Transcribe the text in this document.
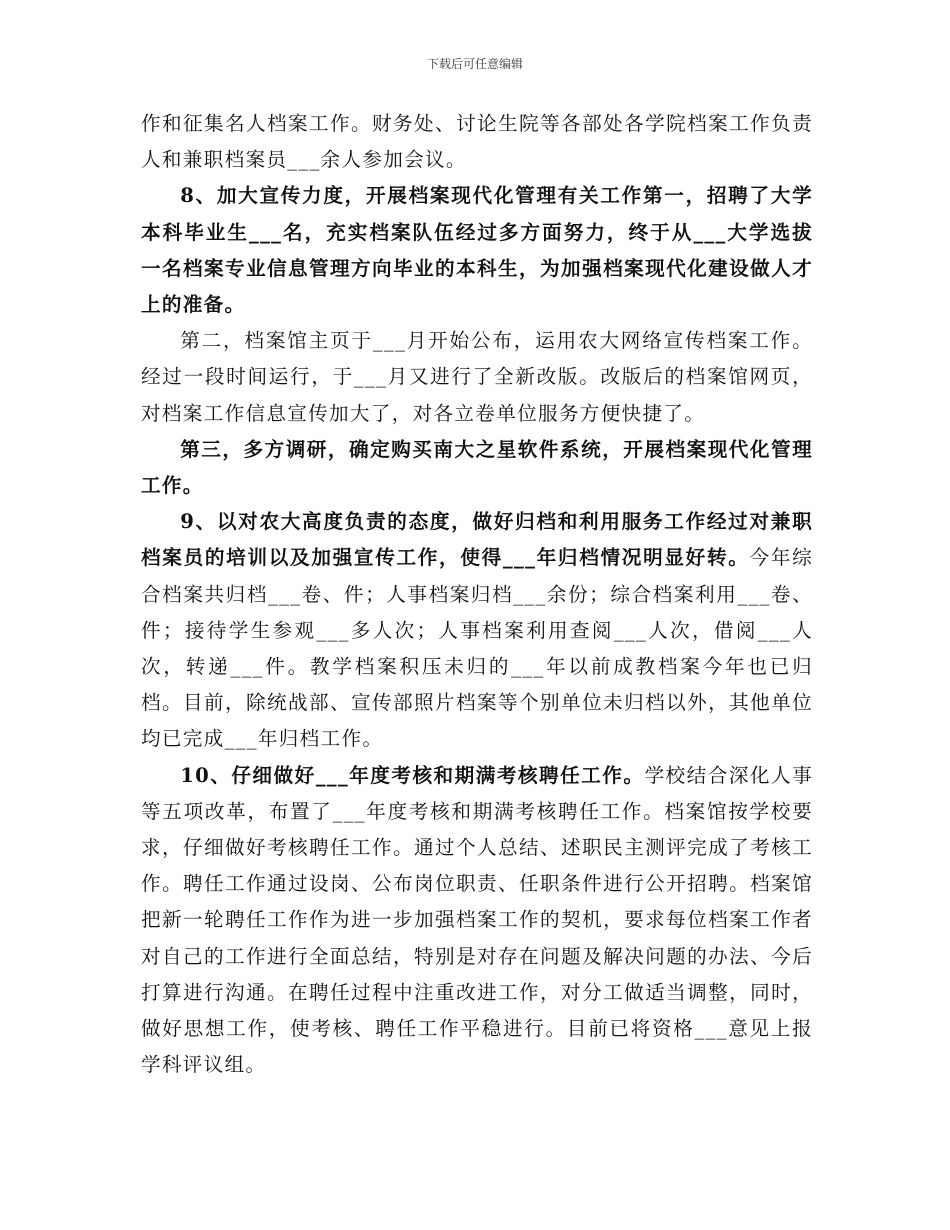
下载后可任意编辑

作和征集名人档案工作。财务处、讨论生院等各部处各学院档案工作负责人和兼职档案员___余人参加会议。

8、加大宣传力度，开展档案现代化管理有关工作第一，招聘了大学本科毕业生___名，充实档案队伍经过多方面努力，终于从___大学选拔一名档案专业信息管理方向毕业的本科生，为加强档案现代化建设做人才上的准备。

第二，档案馆主页于___月开始公布，运用农大网络宣传档案工作。经过一段时间运行，于___月又进行了全新改版。改版后的档案馆网页，对档案工作信息宣传加大了，对各立卷单位服务方便快捷了。

第三，多方调研，确定购买南大之星软件系统，开展档案现代化管理工作。

9、以对农大高度负责的态度，做好归档和利用服务工作经过对兼职档案员的培训以及加强宣传工作，使得___年归档情况明显好转。今年综合档案共归档___卷、件；人事档案归档___余份；综合档案利用___卷、件；接待学生参观___多人次；人事档案利用查阅___人次，借阅___人次，转递___件。教学档案积压未归的___年以前成教档案今年也已归档。目前，除统战部、宣传部照片档案等个别单位未归档以外，其他单位均已完成___年归档工作。

10、仔细做好___年度考核和期满考核聘任工作。学校结合深化人事等五项改革，布置了___年度考核和期满考核聘任工作。档案馆按学校要求，仔细做好考核聘任工作。通过个人总结、述职民主测评完成了考核工作。聘任工作通过设岗、公布岗位职责、任职条件进行公开招聘。档案馆把新一轮聘任工作作为进一步加强档案工作的契机，要求每位档案工作者对自己的工作进行全面总结，特别是对存在问题及解决问题的办法、今后打算进行沟通。在聘任过程中注重改进工作，对分工做适当调整，同时，做好思想工作，使考核、聘任工作平稳进行。目前已将资格___意见上报学科评议组。
